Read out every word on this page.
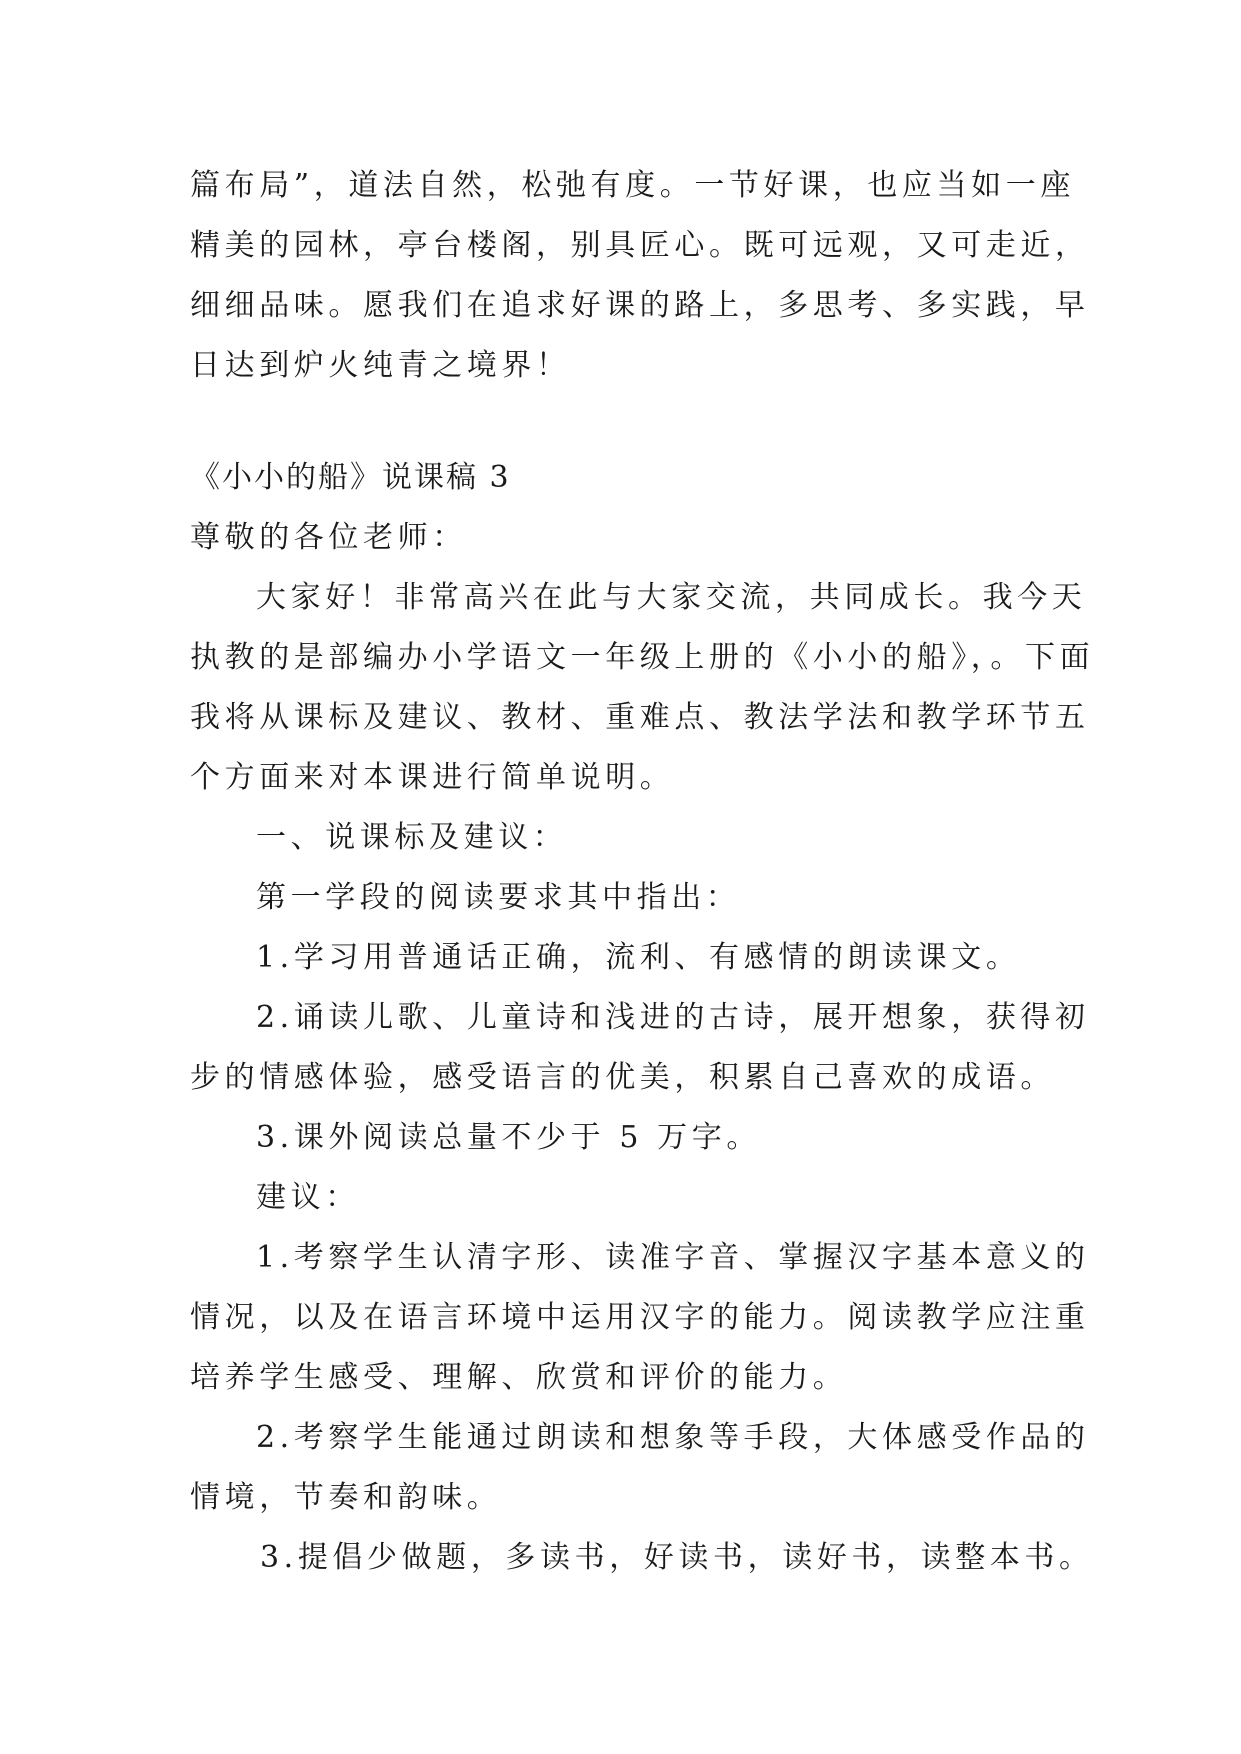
篇布局”，道法自然，松弛有度。一节好课，也应当如一座
精美的园林，亭台楼阁，别具匠心。既可远观，又可走近，
细细品味。愿我们在追求好课的路上，多思考、多实践，早
日达到炉火纯青之境界！
《小小的船》说课稿 3
尊敬的各位老师：
大家好！非常高兴在此与大家交流，共同成长。我今天
执教的是部编办小学语文一年级上册的《小小的船》，。下面
我将从课标及建议、教材、重难点、教法学法和教学环节五
个方面来对本课进行简单说明。
一、说课标及建议：
第一学段的阅读要求其中指出：
1.学习用普通话正确，流利、有感情的朗读课文。
2.诵读儿歌、儿童诗和浅进的古诗，展开想象，获得初
步的情感体验，感受语言的优美，积累自己喜欢的成语。
3.课外阅读总量不少于 5 万字。
建议：
1.考察学生认清字形、读准字音、掌握汉字基本意义的
情况，以及在语言环境中运用汉字的能力。阅读教学应注重
培养学生感受、理解、欣赏和评价的能力。
2.考察学生能通过朗读和想象等手段，大体感受作品的
情境，节奏和韵味。
3.提倡少做题，多读书，好读书，读好书，读整本书。
